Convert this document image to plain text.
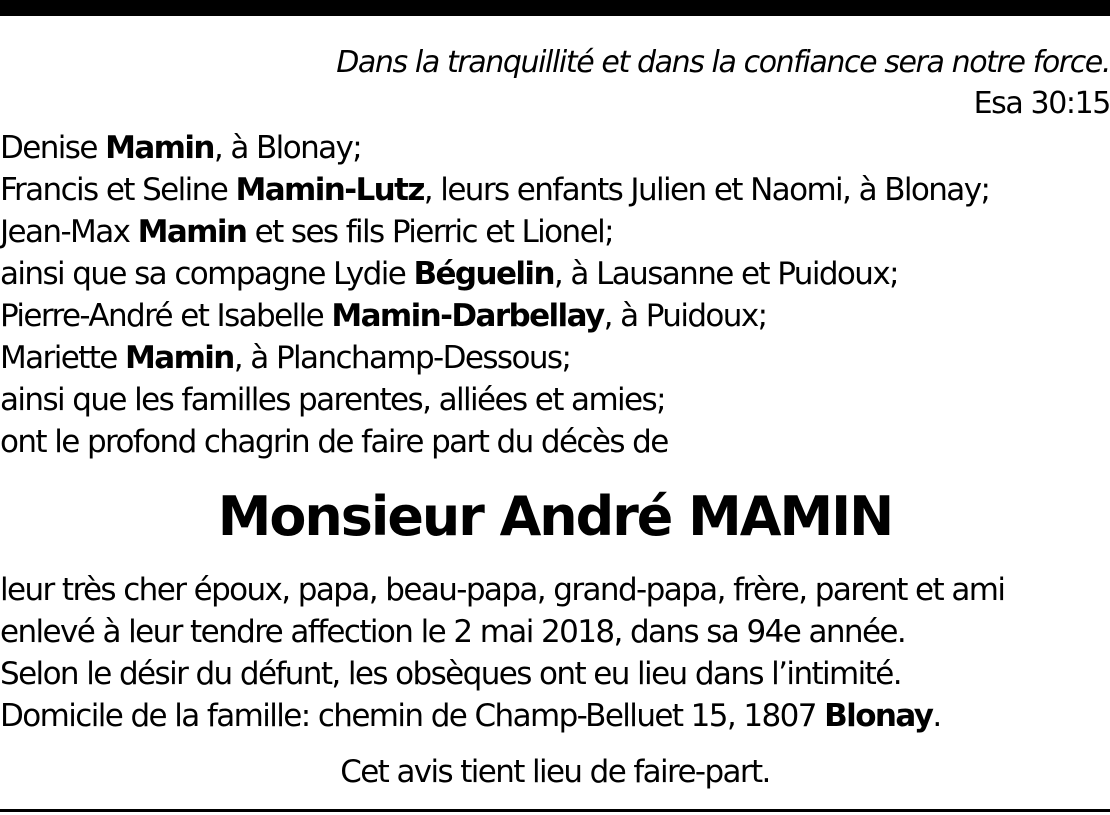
Dans la tranquillité et dans la confiance sera notre force.
Esa 30:15
Denise Mamin, à Blonay;
Francis et Seline Mamin-Lutz, leurs enfants Julien et Naomi, à Blonay;
Jean-Max Mamin et ses fils Pierric et Lionel;
ainsi que sa compagne Lydie Béguelin, à Lausanne et Puidoux;
Pierre-André et Isabelle Mamin-Darbellay, à Puidoux;
Mariette Mamin, à Planchamp-Dessous;
ainsi que les familles parentes, alliées et amies;
ont le profond chagrin de faire part du décès de
Monsieur André MAMIN
leur très cher époux, papa, beau-papa, grand-papa, frère, parent et ami
enlevé à leur tendre affection le 2 mai 2018, dans sa 94e année.
Selon le désir du défunt, les obsèques ont eu lieu dans l’intimité.
Domicile de la famille: chemin de Champ-Belluet 15, 1807 Blonay.
Cet avis tient lieu de faire-part.
